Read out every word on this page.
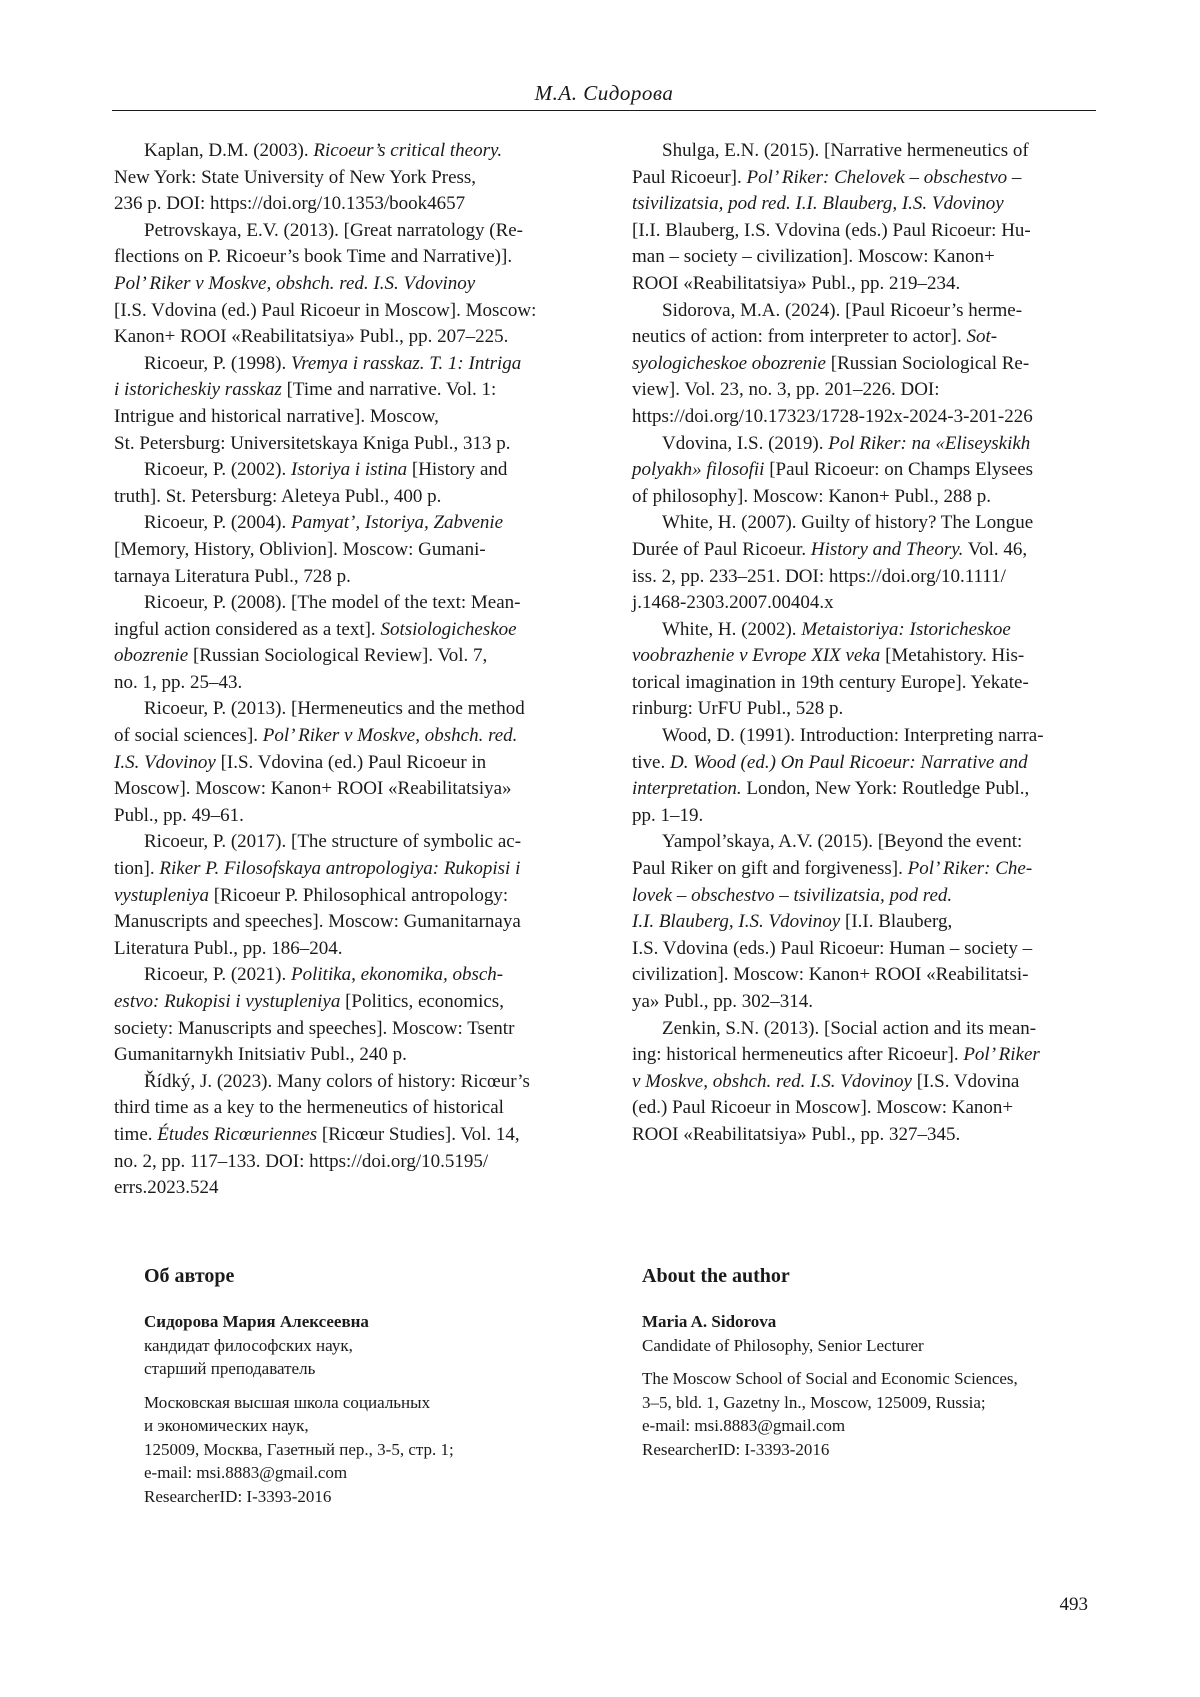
М.А. Сидорова

Kaplan, D.M. (2003). Ricoeur’s critical theory.
New York: State University of New York Press,
236 p. DOI: https://doi.org/10.1353/book4657

Petrovskaya, E.V. (2013). [Great narratology (Re-
flections on P. Ricoeur’s book Time and Narrative)].
Pol’ Riker v Moskve, obshch. red. I.S. Vdovinoy
[I.S. Vdovina (ed.) Paul Ricoeur in Moscow]. Moscow:
Kanon+ ROOI «Reabilitatsiya» Publ., pp. 207–225.

Ricoeur, P. (1998). Vremya i rasskaz. T. 1: Intriga
i istoricheskiy rasskaz [Time and narrative. Vol. 1:
Intrigue and historical narrative]. Moscow,
St. Petersburg: Universitetskaya Kniga Publ., 313 p.

Ricoeur, P. (2002). Istoriya i istina [History and
truth]. St. Petersburg: Aleteya Publ., 400 p.

Ricoeur, P. (2004). Pamyat’, Istoriya, Zabvenie
[Memory, History, Oblivion]. Moscow: Gumani-
tarnaya Literatura Publ., 728 p.

Ricoeur, P. (2008). [The model of the text: Mean-
ingful action considered as a text]. Sotsiologicheskoe
obozrenie [Russian Sociological Review]. Vol. 7,
no. 1, pp. 25–43.

Ricoeur, P. (2013). [Hermeneutics and the method
of social sciences]. Pol’ Riker v Moskve, obshch. red.
I.S. Vdovinoy [I.S. Vdovina (ed.) Paul Ricoeur in
Moscow]. Moscow: Kanon+ ROOI «Reabilitatsiya»
Publ., pp. 49–61.

Ricoeur, P. (2017). [The structure of symbolic ac-
tion]. Riker P. Filosofskaya antropologiya: Rukopisi i
vystupleniya [Ricoeur P. Philosophical antropology:
Manuscripts and speeches]. Moscow: Gumanitarnaya
Literatura Publ., pp. 186–204.

Ricoeur, P. (2021). Politika, ekonomika, obsch-
estvo: Rukopisi i vystupleniya [Politics, economics,
society: Manuscripts and speeches]. Moscow: Tsentr
Gumanitarnykh Initsiativ Publ., 240 p.

Řídký, J. (2023). Many colors of history: Ricœur’s
third time as a key to the hermeneutics of historical
time. Études Ricœuriennes [Ricœur Studies]. Vol. 14,
no. 2, pp. 117–133. DOI: https://doi.org/10.5195/
errs.2023.524

Shulga, E.N. (2015). [Narrative hermeneutics of
Paul Ricoeur]. Pol’ Riker: Chelovek – obschestvo –
tsivilizatsia, pod red. I.I. Blauberg, I.S. Vdovinoy
[I.I. Blauberg, I.S. Vdovina (eds.) Paul Ricoeur: Hu-
man – society – civilization]. Moscow: Kanon+
ROOI «Reabilitatsiya» Publ., pp. 219–234.

Sidorova, M.A. (2024). [Paul Ricoeur’s herme-
neutics of action: from interpreter to actor]. Sot-
syologicheskoe obozrenie [Russian Sociological Re-
view]. Vol. 23, no. 3, pp. 201–226. DOI:
https://doi.org/10.17323/1728-192x-2024-3-201-226

Vdovina, I.S. (2019). Pol Riker: na «Eliseyskikh
polyakh» filosofii [Paul Ricoeur: on Champs Elysees
of philosophy]. Moscow: Kanon+ Publ., 288 p.

White, H. (2007). Guilty of history? The Longue
Durée of Paul Ricoeur. History and Theory. Vol. 46,
iss. 2, pp. 233–251. DOI: https://doi.org/10.1111/
j.1468-2303.2007.00404.x

White, H. (2002). Metaistoriya: Istoricheskoe
voobrazhenie v Evrope XIX veka [Metahistory. His-
torical imagination in 19th century Europe]. Yekate-
rinburg: UrFU Publ., 528 p.

Wood, D. (1991). Introduction: Interpreting narra-
tive. D. Wood (ed.) On Paul Ricoeur: Narrative and
interpretation. London, New York: Routledge Publ.,
pp. 1–19.

Yampol’skaya, A.V. (2015). [Beyond the event:
Paul Riker on gift and forgiveness]. Pol’ Riker: Che-
lovek – obschestvo – tsivilizatsia, pod red.
I.I. Blauberg, I.S. Vdovinoy [I.I. Blauberg,
I.S. Vdovina (eds.) Paul Ricoeur: Human – society –
civilization]. Moscow: Kanon+ ROOI «Reabilitatsi-
ya» Publ., pp. 302–314.

Zenkin, S.N. (2013). [Social action and its mean-
ing: historical hermeneutics after Ricoeur]. Pol’ Riker
v Moskve, obshch. red. I.S. Vdovinoy [I.S. Vdovina
(ed.) Paul Ricoeur in Moscow]. Moscow: Kanon+
ROOI «Reabilitatsiya» Publ., pp. 327–345.

Об авторе

Сидорова Мария Алексеевна

кандидат философских наук,
старший преподаватель

Московская высшая школа социальных
и экономических наук,
125009, Москва, Газетный пер., 3-5, стр. 1;
e-mail: msi.8883@gmail.com
ResearcherID: I-3393-2016

About the author

Maria A. Sidorova

Candidate of Philosophy, Senior Lecturer

The Moscow School of Social and Economic Sciences,
3–5, bld. 1, Gazetny ln., Moscow, 125009, Russia;
e-mail: msi.8883@gmail.com
ResearcherID: I-3393-2016

493
